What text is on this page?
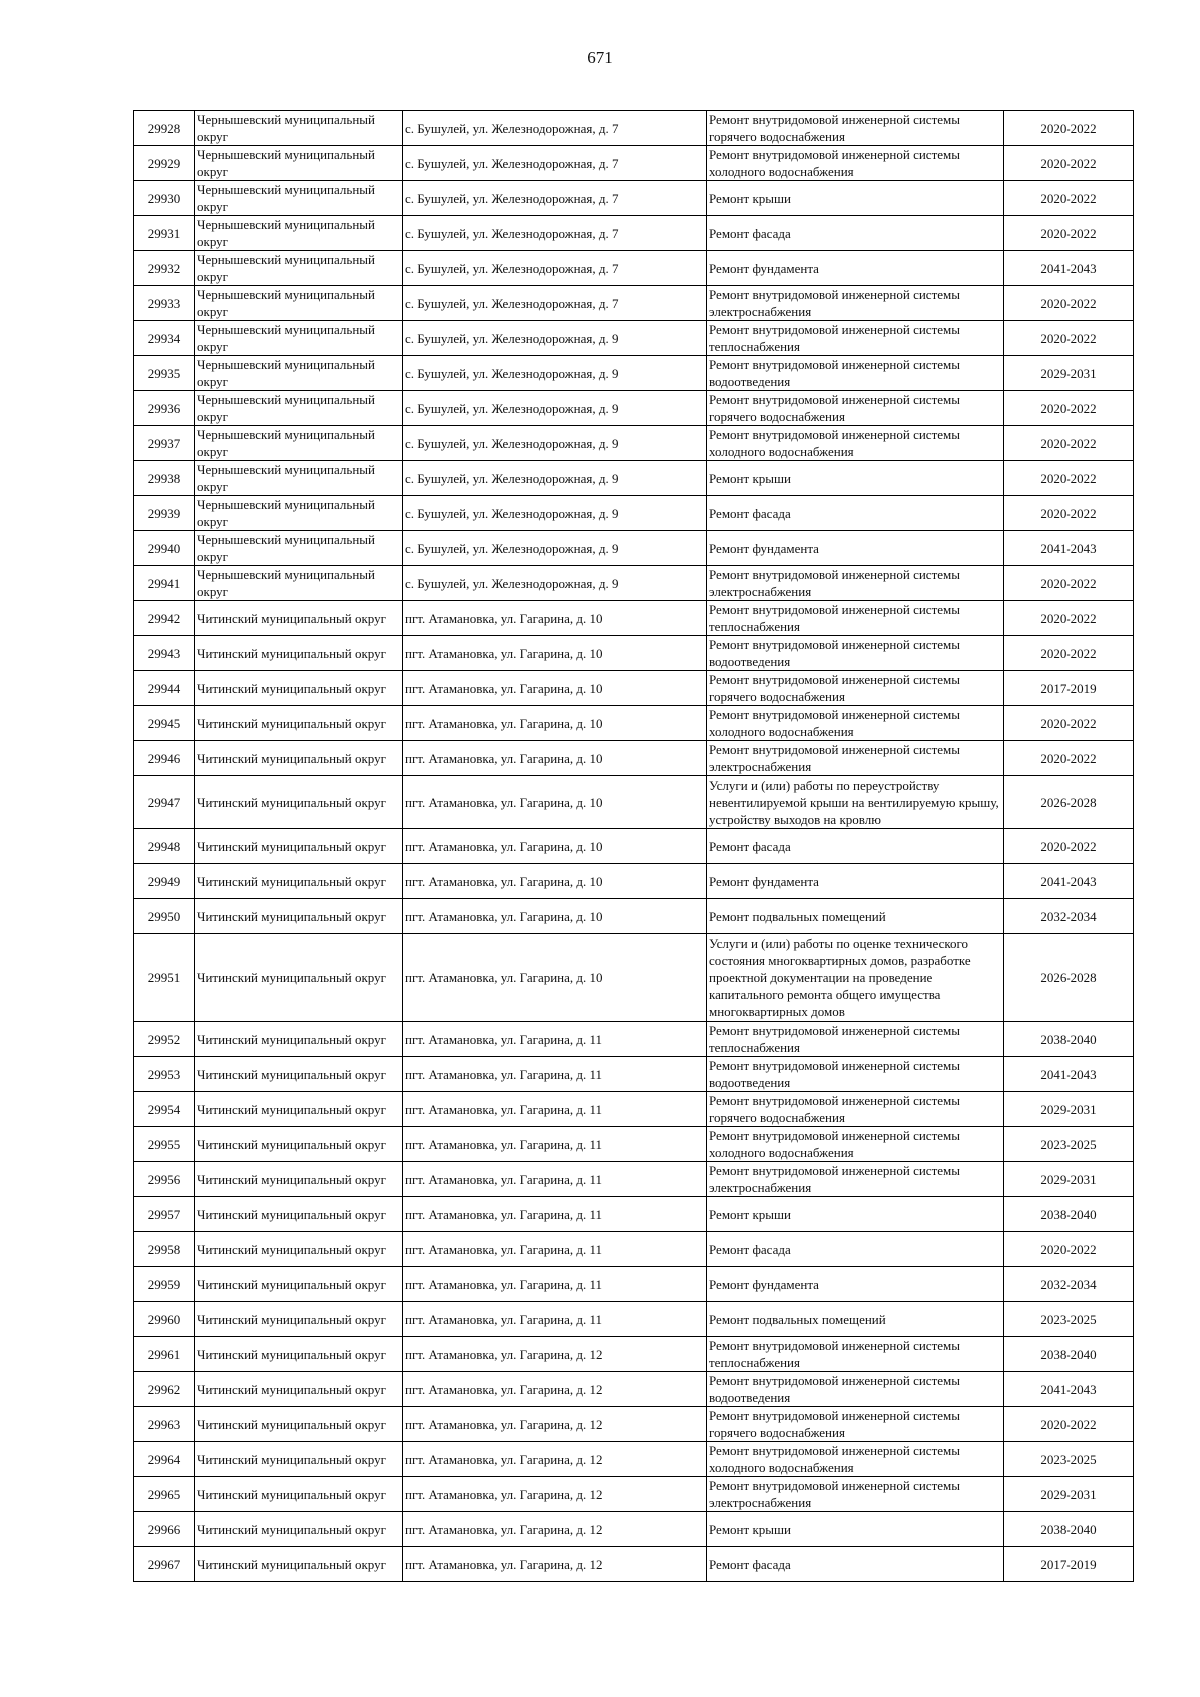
671
29928	Чернышевский муниципальный округ	с. Бушулей, ул. Железнодорожная, д. 7	Ремонт внутридомовой инженерной системы горячего водоснабжения	2020-2022
29929	Чернышевский муниципальный округ	с. Бушулей, ул. Железнодорожная, д. 7	Ремонт внутридомовой инженерной системы холодного водоснабжения	2020-2022
29930	Чернышевский муниципальный округ	с. Бушулей, ул. Железнодорожная, д. 7	Ремонт крыши	2020-2022
29931	Чернышевский муниципальный округ	с. Бушулей, ул. Железнодорожная, д. 7	Ремонт фасада	2020-2022
29932	Чернышевский муниципальный округ	с. Бушулей, ул. Железнодорожная, д. 7	Ремонт фундамента	2041-2043
29933	Чернышевский муниципальный округ	с. Бушулей, ул. Железнодорожная, д. 7	Ремонт внутридомовой инженерной системы электроснабжения	2020-2022
29934	Чернышевский муниципальный округ	с. Бушулей, ул. Железнодорожная, д. 9	Ремонт внутридомовой инженерной системы теплоснабжения	2020-2022
29935	Чернышевский муниципальный округ	с. Бушулей, ул. Железнодорожная, д. 9	Ремонт внутридомовой инженерной системы водоотведения	2029-2031
29936	Чернышевский муниципальный округ	с. Бушулей, ул. Железнодорожная, д. 9	Ремонт внутридомовой инженерной системы горячего водоснабжения	2020-2022
29937	Чернышевский муниципальный округ	с. Бушулей, ул. Железнодорожная, д. 9	Ремонт внутридомовой инженерной системы холодного водоснабжения	2020-2022
29938	Чернышевский муниципальный округ	с. Бушулей, ул. Железнодорожная, д. 9	Ремонт крыши	2020-2022
29939	Чернышевский муниципальный округ	с. Бушулей, ул. Железнодорожная, д. 9	Ремонт фасада	2020-2022
29940	Чернышевский муниципальный округ	с. Бушулей, ул. Железнодорожная, д. 9	Ремонт фундамента	2041-2043
29941	Чернышевский муниципальный округ	с. Бушулей, ул. Железнодорожная, д. 9	Ремонт внутридомовой инженерной системы электроснабжения	2020-2022
29942	Читинский муниципальный округ	пгт. Атамановка, ул. Гагарина, д. 10	Ремонт внутридомовой инженерной системы теплоснабжения	2020-2022
29943	Читинский муниципальный округ	пгт. Атамановка, ул. Гагарина, д. 10	Ремонт внутридомовой инженерной системы водоотведения	2020-2022
29944	Читинский муниципальный округ	пгт. Атамановка, ул. Гагарина, д. 10	Ремонт внутридомовой инженерной системы горячего водоснабжения	2017-2019
29945	Читинский муниципальный округ	пгт. Атамановка, ул. Гагарина, д. 10	Ремонт внутридомовой инженерной системы холодного водоснабжения	2020-2022
29946	Читинский муниципальный округ	пгт. Атамановка, ул. Гагарина, д. 10	Ремонт внутридомовой инженерной системы электроснабжения	2020-2022
29947	Читинский муниципальный округ	пгт. Атамановка, ул. Гагарина, д. 10	Услуги и (или) работы по переустройству невентилируемой крыши на вентилируемую крышу, устройству выходов на кровлю	2026-2028
29948	Читинский муниципальный округ	пгт. Атамановка, ул. Гагарина, д. 10	Ремонт фасада	2020-2022
29949	Читинский муниципальный округ	пгт. Атамановка, ул. Гагарина, д. 10	Ремонт фундамента	2041-2043
29950	Читинский муниципальный округ	пгт. Атамановка, ул. Гагарина, д. 10	Ремонт подвальных помещений	2032-2034
29951	Читинский муниципальный округ	пгт. Атамановка, ул. Гагарина, д. 10	Услуги и (или) работы по оценке технического состояния многоквартирных домов, разработке проектной документации на проведение капитального ремонта общего имущества многоквартирных домов	2026-2028
29952	Читинский муниципальный округ	пгт. Атамановка, ул. Гагарина, д. 11	Ремонт внутридомовой инженерной системы теплоснабжения	2038-2040
29953	Читинский муниципальный округ	пгт. Атамановка, ул. Гагарина, д. 11	Ремонт внутридомовой инженерной системы водоотведения	2041-2043
29954	Читинский муниципальный округ	пгт. Атамановка, ул. Гагарина, д. 11	Ремонт внутридомовой инженерной системы горячего водоснабжения	2029-2031
29955	Читинский муниципальный округ	пгт. Атамановка, ул. Гагарина, д. 11	Ремонт внутридомовой инженерной системы холодного водоснабжения	2023-2025
29956	Читинский муниципальный округ	пгт. Атамановка, ул. Гагарина, д. 11	Ремонт внутридомовой инженерной системы электроснабжения	2029-2031
29957	Читинский муниципальный округ	пгт. Атамановка, ул. Гагарина, д. 11	Ремонт крыши	2038-2040
29958	Читинский муниципальный округ	пгт. Атамановка, ул. Гагарина, д. 11	Ремонт фасада	2020-2022
29959	Читинский муниципальный округ	пгт. Атамановка, ул. Гагарина, д. 11	Ремонт фундамента	2032-2034
29960	Читинский муниципальный округ	пгт. Атамановка, ул. Гагарина, д. 11	Ремонт подвальных помещений	2023-2025
29961	Читинский муниципальный округ	пгт. Атамановка, ул. Гагарина, д. 12	Ремонт внутридомовой инженерной системы теплоснабжения	2038-2040
29962	Читинский муниципальный округ	пгт. Атамановка, ул. Гагарина, д. 12	Ремонт внутридомовой инженерной системы водоотведения	2041-2043
29963	Читинский муниципальный округ	пгт. Атамановка, ул. Гагарина, д. 12	Ремонт внутридомовой инженерной системы горячего водоснабжения	2020-2022
29964	Читинский муниципальный округ	пгт. Атамановка, ул. Гагарина, д. 12	Ремонт внутридомовой инженерной системы холодного водоснабжения	2023-2025
29965	Читинский муниципальный округ	пгт. Атамановка, ул. Гагарина, д. 12	Ремонт внутридомовой инженерной системы электроснабжения	2029-2031
29966	Читинский муниципальный округ	пгт. Атамановка, ул. Гагарина, д. 12	Ремонт крыши	2038-2040
29967	Читинский муниципальный округ	пгт. Атамановка, ул. Гагарина, д. 12	Ремонт фасада	2017-2019
